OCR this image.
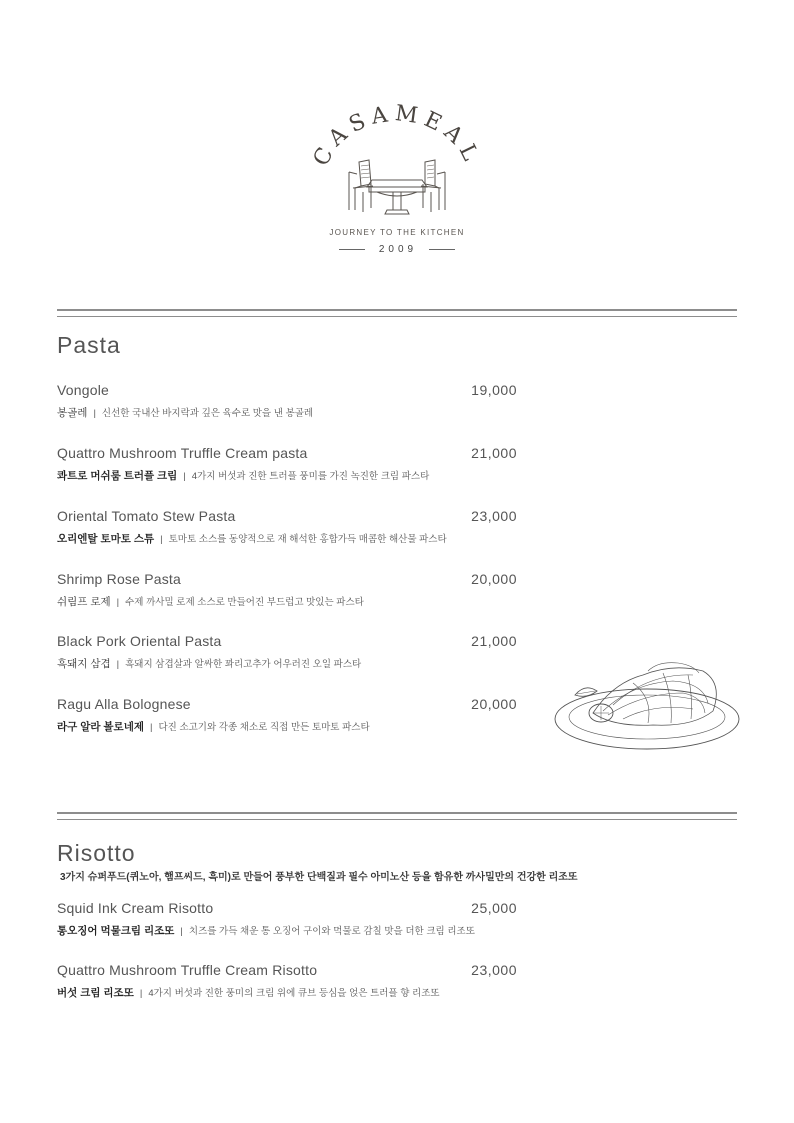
CASAMEAL
JOURNEY TO THE KITCHEN
2009
Pasta
Vongole	19,000
봉골레 | 신선한 국내산 바지락과 깊은 육수로 맛을 낸 봉골레
Quattro Mushroom Truffle Cream pasta	21,000
콰트로 머쉬룸 트러플 크림 | 4가지 버섯과 진한 트러플 풍미를 가진 녹진한 크림 파스타
Oriental Tomato Stew Pasta	23,000
오리엔탈 토마토 스튜 | 토마토 소스를 동양적으로 재 해석한 홍합가득 매콤한 해산물 파스타
Shrimp Rose Pasta	20,000
쉬림프 로제 | 수제 까사밀 로제 소스로 만들어진 부드럽고 맛있는 파스타
Black Pork Oriental Pasta	21,000
흑돼지 삼겹 | 흑돼지 삼겹살과 알싸한 꽈리고추가 어우러진 오일 파스타
Ragu Alla Bolognese	20,000
라구 알라 볼로네제 | 다진 소고기와 각종 채소로 직접 만든 토마토 파스타
Risotto
3가지 슈퍼푸드(퀴노아, 햄프씨드, 흑미)로 만들어 풍부한 단백질과 필수 아미노산 등을 함유한 까사밀만의 건강한 리조또
Squid Ink Cream Risotto	25,000
통오징어 먹물크림 리조또 | 치즈를 가득 채운 통 오징어 구이와 먹물로 감칠 맛을 더한 크림 리조또
Quattro Mushroom Truffle Cream Risotto	23,000
버섯 크림 리조또 | 4가지 버섯과 진한 풍미의 크림 위에 큐브 등심을 얹은 트러플 향 리조또
